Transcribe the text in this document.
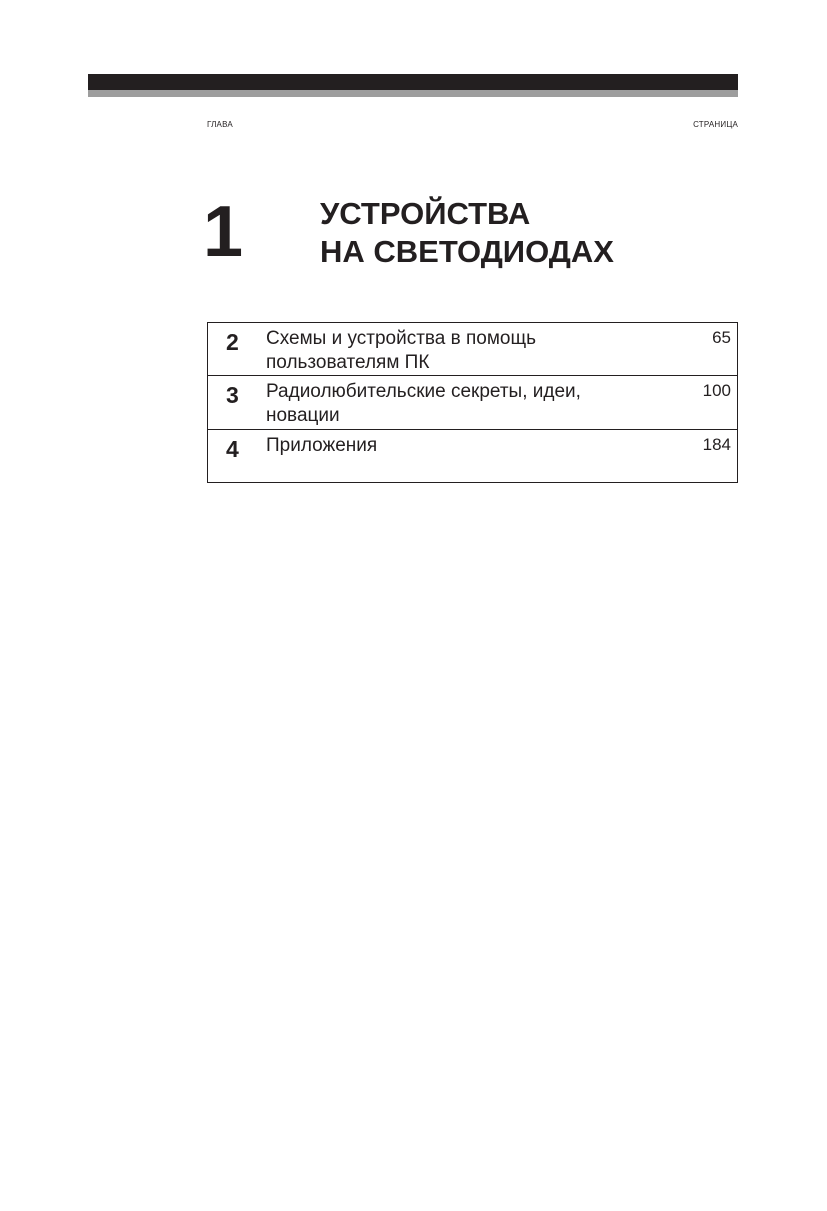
ГЛАВА	СТРАНИЦА
1 УСТРОЙСТВА
НА СВЕТОДИОДАХ
2 Схемы и устройства в помощь
пользователям ПК
65
3 Радиолюбительские секреты, идеи,
новации
100
4 Приложения	184
